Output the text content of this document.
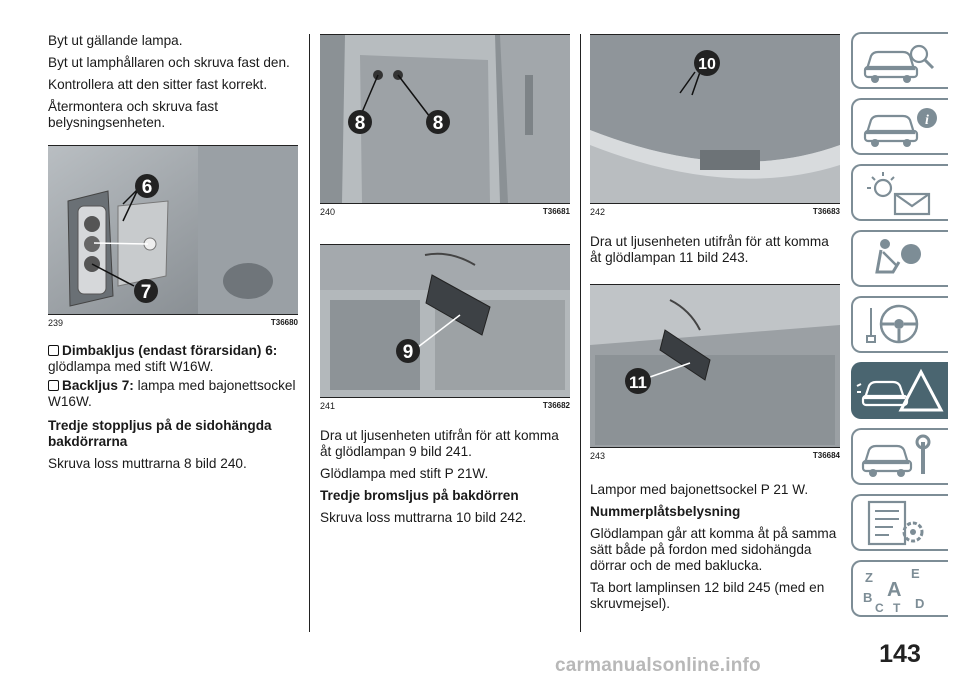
Byt ut gällande lampa.

Byt ut lamphållaren och skruva fast den.

Kontrollera att den sitter fast korrekt.

Återmontera och skruva fast belysningsenheten.

6
7
239	T36680
Dimbakljus (endast förarsidan) 6:
glödlampa med stift W16W.
Backljus 7: lampa med bajonettsockel W16W.

Tredje stoppljus på de sidohängda bakdörrarna

Skruva loss muttrarna 8 bild 240.

8	8
240	T36681
9
241	T36682

Dra ut ljusenheten utifrån för att komma åt glödlampan 9 bild 241.

Glödlampa med stift P 21W.

Tredje bromsljus på bakdörren

Skruva loss muttrarna 10 bild 242.

10
242	T36683

Dra ut ljusenheten utifrån för att komma åt glödlampan 11 bild 243.

11
243	T36684

Lampor med bajonettsockel P 21 W.

Nummerplåtsbelysning

Glödlampan går att komma åt på samma sätt både på fordon med sidohängda dörrar och de med baklucka.

Ta bort lamplinsen 12 bild 245 (med en skruvmejsel).

i
Z	E
A
B
C T D
143
carmanualsonline.info
